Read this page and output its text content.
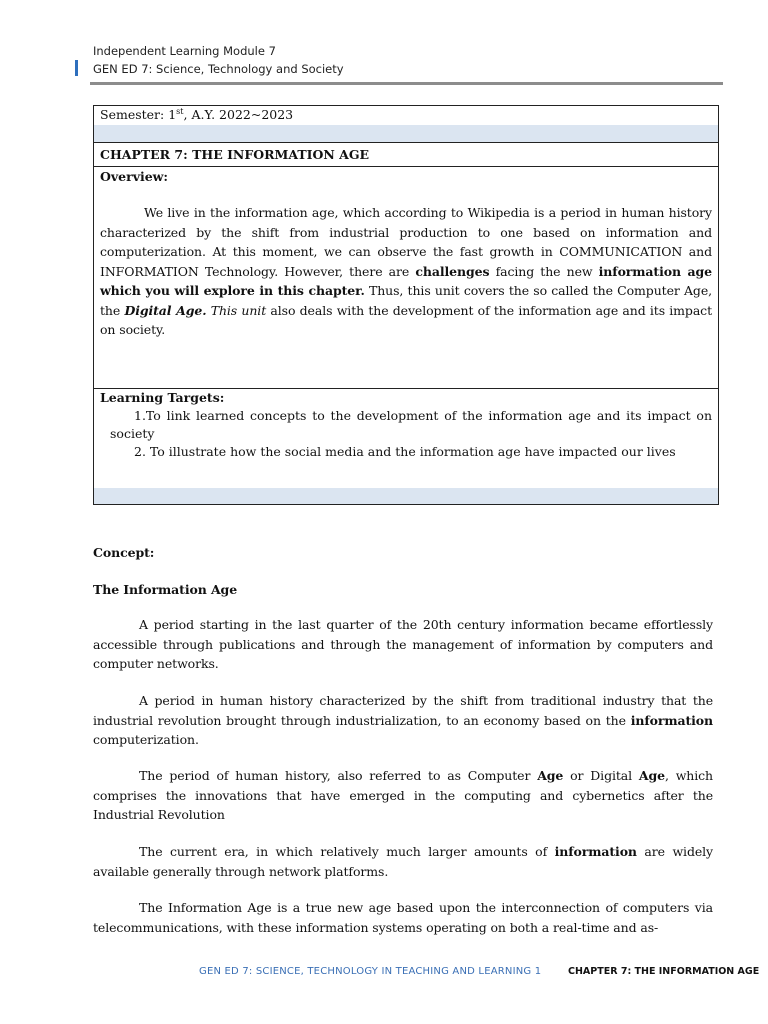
Independent Learning Module 7
GEN ED 7: Science, Technology and Society
Semester: 1st, A.Y. 2022~2023
CHAPTER 7: THE INFORMATION AGE
Overview:
We live in the information age, which according to Wikipedia is a period in human history characterized by the shift from industrial production to one based on information and computerization. At this moment, we can observe the fast growth in COMMUNICATION and INFORMATION Technology. However, there are challenges facing the new information age which you will explore in this chapter. Thus, this unit covers the so called the Computer Age, the Digital Age. This unit also deals with the development of the information age and its impact on society.
Learning Targets:
1.To link learned concepts to the development of the information age and its impact on society
2. To illustrate how the social media and the information age have impacted our lives
Concept:
The Information Age
A period starting in the last quarter of the 20th century information became effortlessly accessible through publications and through the management of information by computers and computer networks.
A period in human history characterized by the shift from traditional industry that the industrial revolution brought through industrialization, to an economy based on the information computerization.
The period of human history, also referred to as Computer Age or Digital Age, which comprises the innovations that have emerged in the computing and cybernetics after the Industrial Revolution
The current era, in which relatively much larger amounts of information are widely available generally through network platforms.
The Information Age is a true new age based upon the interconnection of computers via telecommunications, with these information systems operating on both a real-time and as-
GEN ED 7: SCIENCE, TECHNOLOGY IN TEACHING AND LEARNING 1	CHAPTER 7: THE INFORMATION AGE
